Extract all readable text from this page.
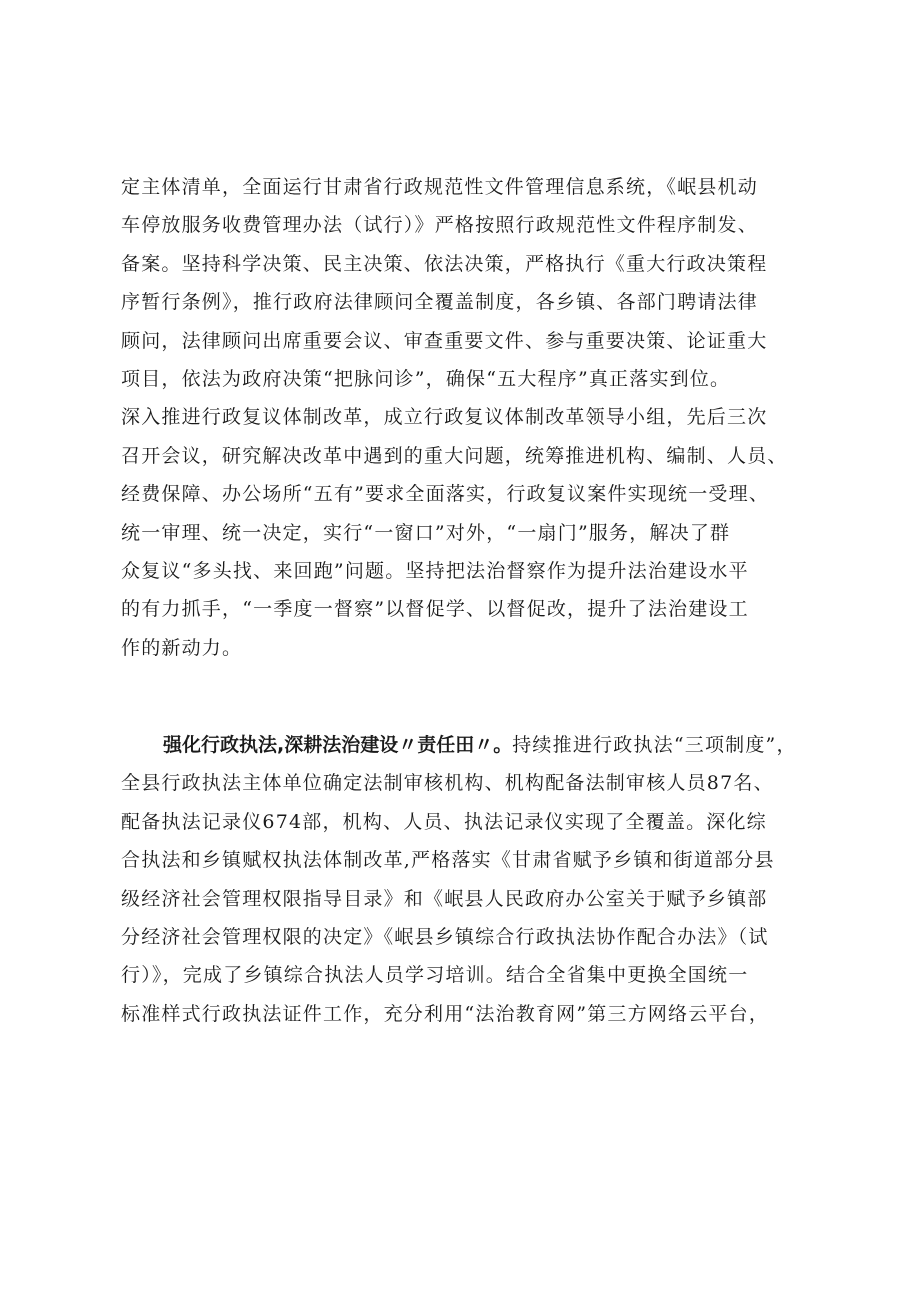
定主体清单，全面运行甘肃省行政规范性文件管理信息系统，《岷县机动
车停放服务收费管理办法（试行）》严格按照行政规范性文件程序制发、
备案。坚持科学决策、民主决策、依法决策，严格执行《重大行政决策程
序暂行条例》，推行政府法律顾问全覆盖制度，各乡镇、各部门聘请法律
顾问，法律顾问出席重要会议、审查重要文件、参与重要决策、论证重大
项目，依法为政府决策“把脉问诊”，确保“五大程序”真正落实到位。
深入推进行政复议体制改革，成立行政复议体制改革领导小组，先后三次
召开会议，研究解决改革中遇到的重大问题，统筹推进机构、编制、人员、
经费保障、办公场所“五有”要求全面落实，行政复议案件实现统一受理、
统一审理、统一决定，实行“一窗口”对外，“一扇门”服务，解决了群
众复议“多头找、来回跑”问题。坚持把法治督察作为提升法治建设水平
的有力抓手，“一季度一督察”以督促学、以督促改，提升了法治建设工
作的新动力。
强化行政执法,深耕法治建设〃责任田〃。持续推进行政执法“三项制度”，
全县行政执法主体单位确定法制审核机构、机构配备法制审核人员87名、
配备执法记录仪674部，机构、人员、执法记录仪实现了全覆盖。深化综
合执法和乡镇赋权执法体制改革,严格落实《甘肃省赋予乡镇和街道部分县
级经济社会管理权限指导目录》和《岷县人民政府办公室关于赋予乡镇部
分经济社会管理权限的决定》《岷县乡镇综合行政执法协作配合办法》（试
行）》，完成了乡镇综合执法人员学习培训。结合全省集中更换全国统一
标准样式行政执法证件工作，充分利用“法治教育网”第三方网络云平台，
